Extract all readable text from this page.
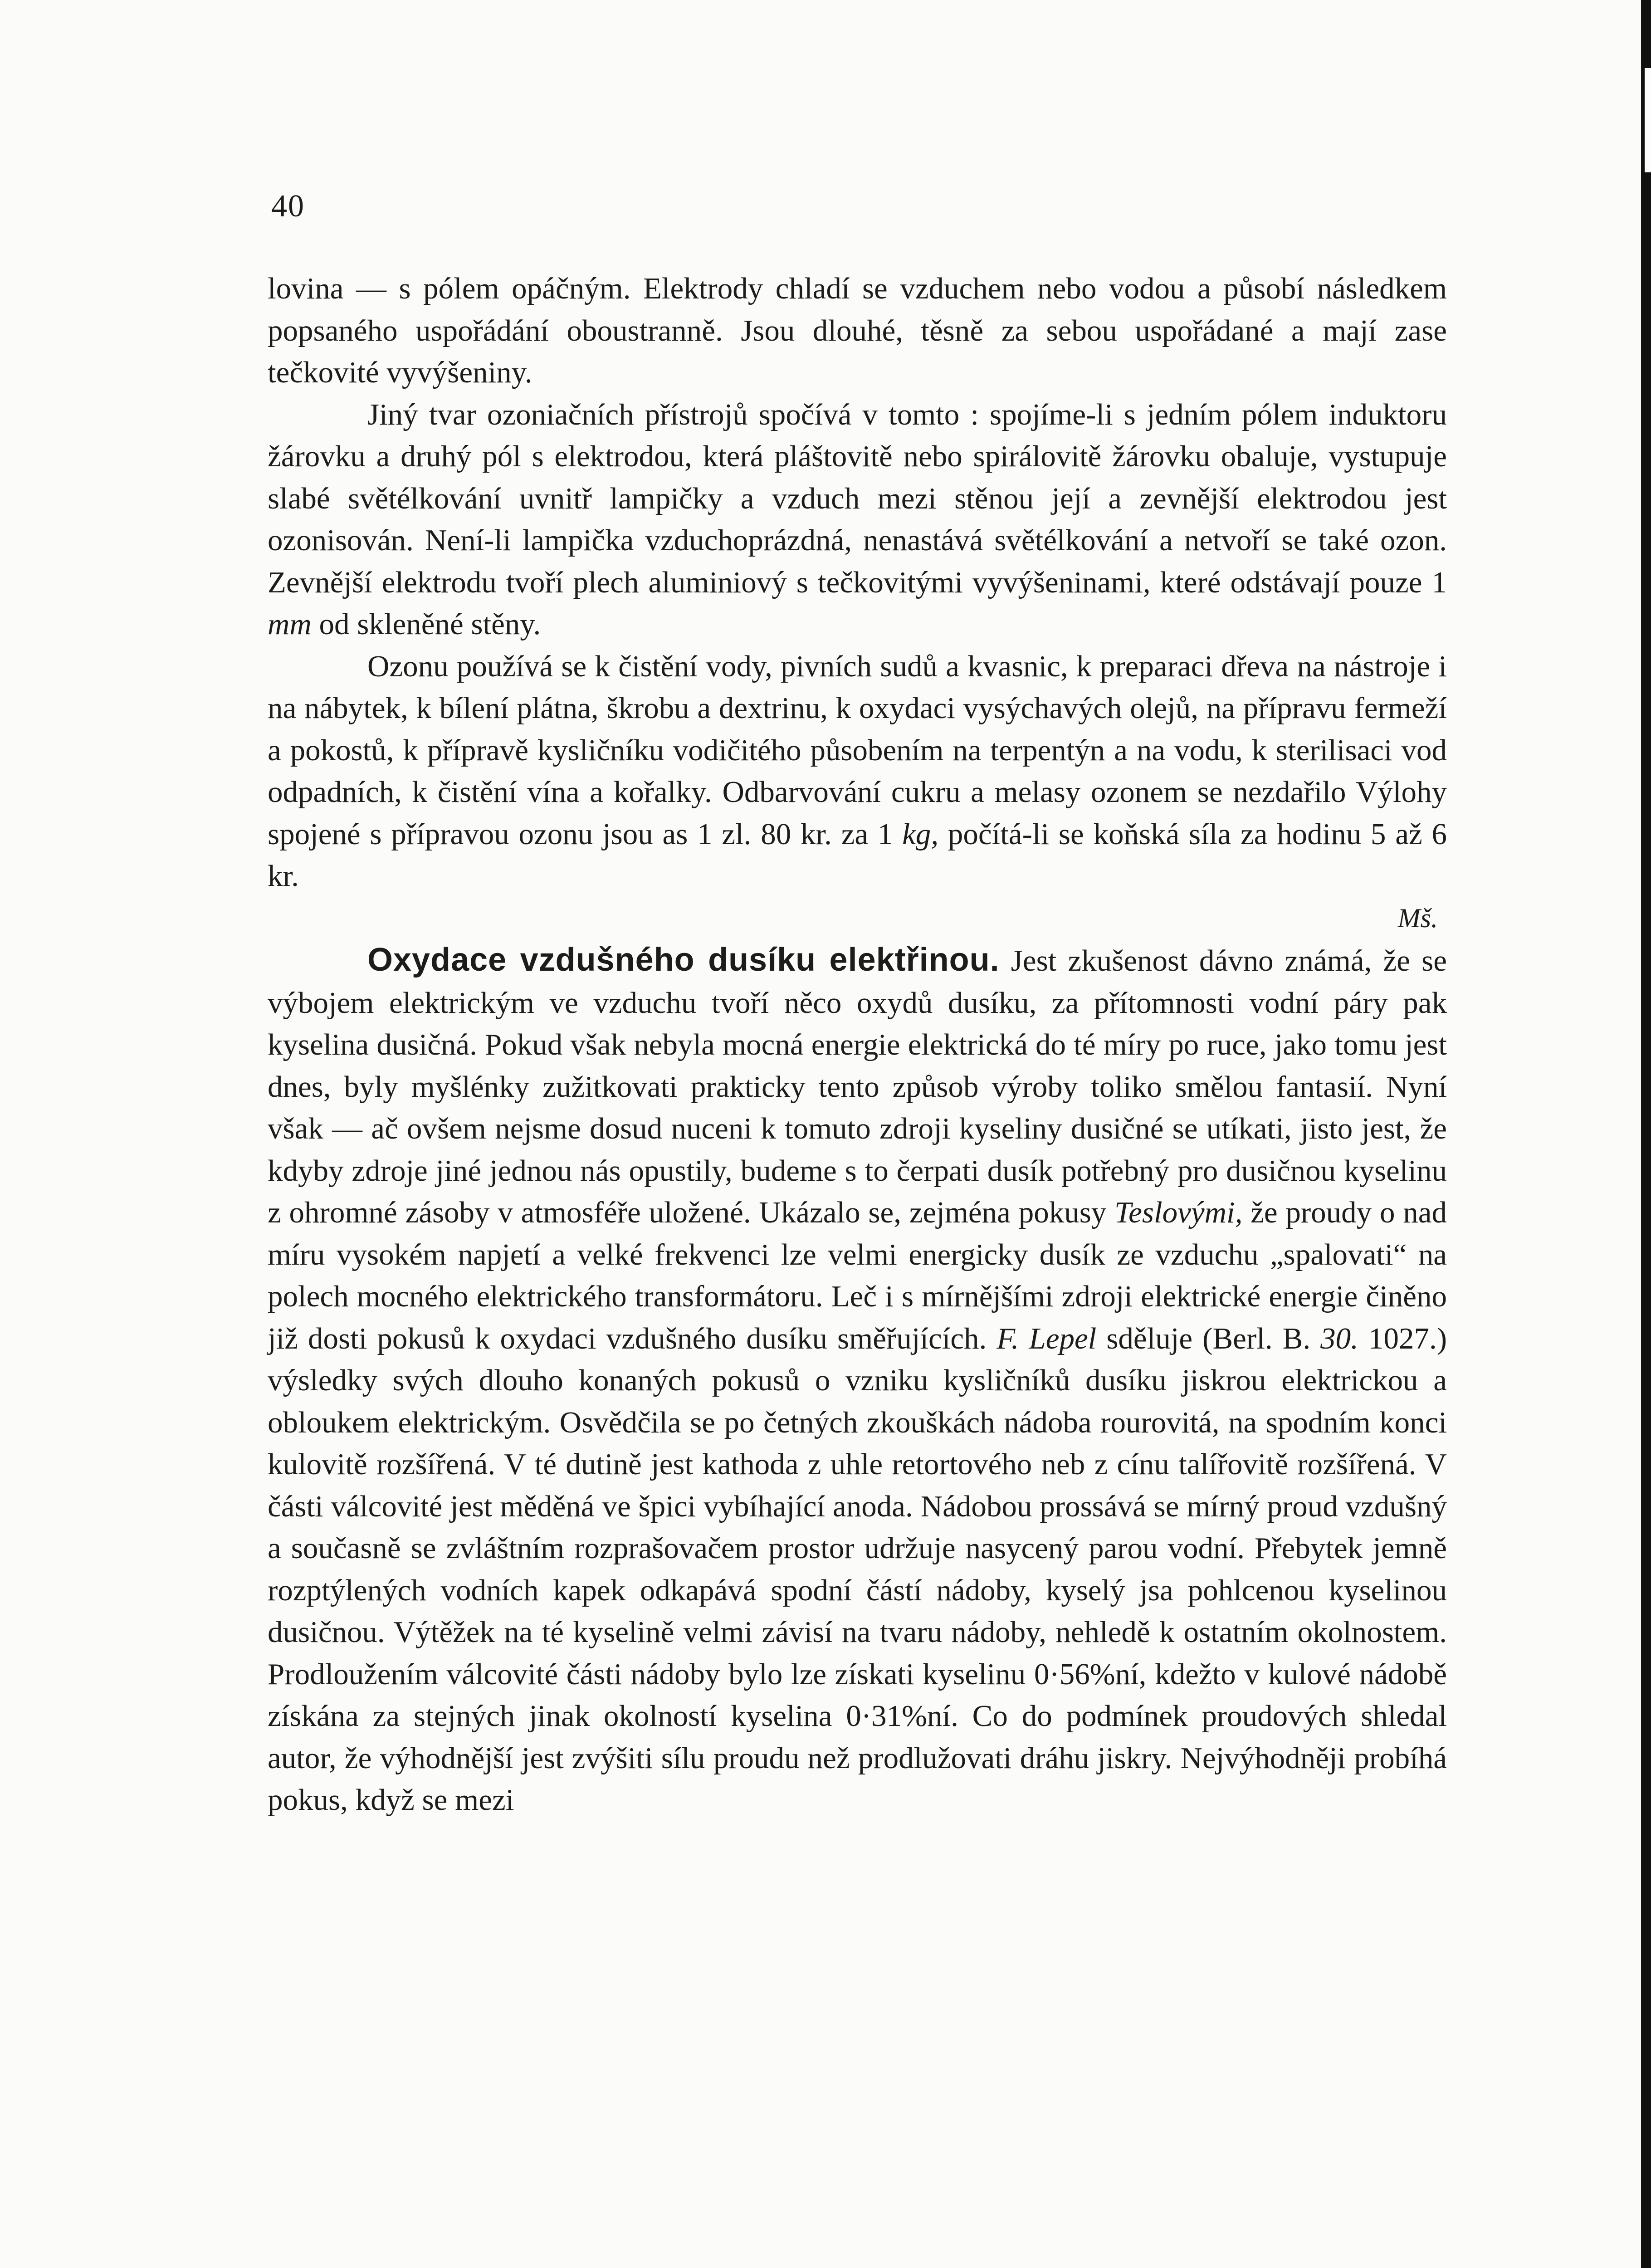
40

lovina — s pólem opáčným. Elektrody chladí se vzduchem nebo vodou a působí následkem popsaného uspořádání oboustranně. Jsou dlouhé, těsně za sebou uspořádané a mají zase tečkovité vyvýšeniny.

Jiný tvar ozoniačních přístrojů spočívá v tomto : spojíme-li s jedním pólem induktoru žárovku a druhý pól s elektrodou, která pláštovitě nebo spirálovitě žárovku obaluje, vystupuje slabé světélkování uvnitř lampičky a vzduch mezi stěnou její a zevnější elektrodou jest ozonisován. Není-li lampička vzduchoprázdná, nenastává světélkování a netvoří se také ozon. Zevnější elektrodu tvoří plech aluminiový s tečkovitými vyvýšeninami, které odstávají pouze 1 mm od skleněné stěny.

Ozonu používá se k čistění vody, pivních sudů a kvasnic, k preparaci dřeva na nástroje i na nábytek, k bílení plátna, škrobu a dextrinu, k oxydaci vysýchavých olejů, na přípravu fermeží a pokostů, k přípravě kysličníku vodičitého působením na terpentýn a na vodu, k sterilisaci vod odpadních, k čistění vína a kořalky. Odbarvování cukru a melasy ozonem se nezdařilo Výlohy spojené s přípravou ozonu jsou as 1 zl. 80 kr. za 1 kg, počítá-li se koňská síla za hodinu 5 až 6 kr.
Mš.

Oxydace vzdušného dusíku elektřinou. Jest zkušenost dávno známá, že se výbojem elektrickým ve vzduchu tvoří něco oxydů dusíku, za přítomnosti vodní páry pak kyselina dusičná. Pokud však nebyla mocná energie elektrická do té míry po ruce, jako tomu jest dnes, byly myšlénky zužitkovati prakticky tento způsob výroby toliko smělou fantasií. Nyní však — ač ovšem nejsme dosud nuceni k tomuto zdroji kyseliny dusičné se utíkati, jisto jest, že kdyby zdroje jiné jednou nás opustily, budeme s to čerpati dusík potřebný pro dusičnou kyselinu z ohromné zásoby v atmosféře uložené. Ukázalo se, zejména pokusy Teslovými, že proudy o nad míru vysokém napjetí a velké frekvenci lze velmi energicky dusík ze vzduchu „spalovati“ na polech mocného elektrického transformátoru. Leč i s mírnějšími zdroji elektrické energie činěno již dosti pokusů k oxydaci vzdušného dusíku směřujících. F. Lepel sděluje (Berl. B. 30. 1027.) výsledky svých dlouho konaných pokusů o vzniku kysličníků dusíku jiskrou elektrickou a obloukem elektrickým. Osvědčila se po četných zkouškách nádoba rourovitá, na spodním konci kulovitě rozšířená. V té dutině jest kathoda z uhle retortového neb z cínu talířovitě rozšířená. V části válcovité jest měděná ve špici vybíhající anoda. Nádobou prossává se mírný proud vzdušný a současně se zvláštním rozprašovačem prostor udržuje nasycený parou vodní. Přebytek jemně rozptýlených vodních kapek odkapává spodní částí nádoby, kyselý jsa pohlcenou kyselinou dusičnou. Výtěžek na té kyselině velmi závisí na tvaru nádoby, nehledě k ostatním okolnostem. Prodloužením válcovité části nádoby bylo lze získati kyselinu 0·56%ní, kdežto v kulové nádobě získána za stejných jinak okolností kyselina 0·31%ní. Co do podmínek proudových shledal autor, že výhodnější jest zvýšiti sílu proudu než prodlužovati dráhu jiskry. Nejvýhodněji probíhá pokus, když se mezi
